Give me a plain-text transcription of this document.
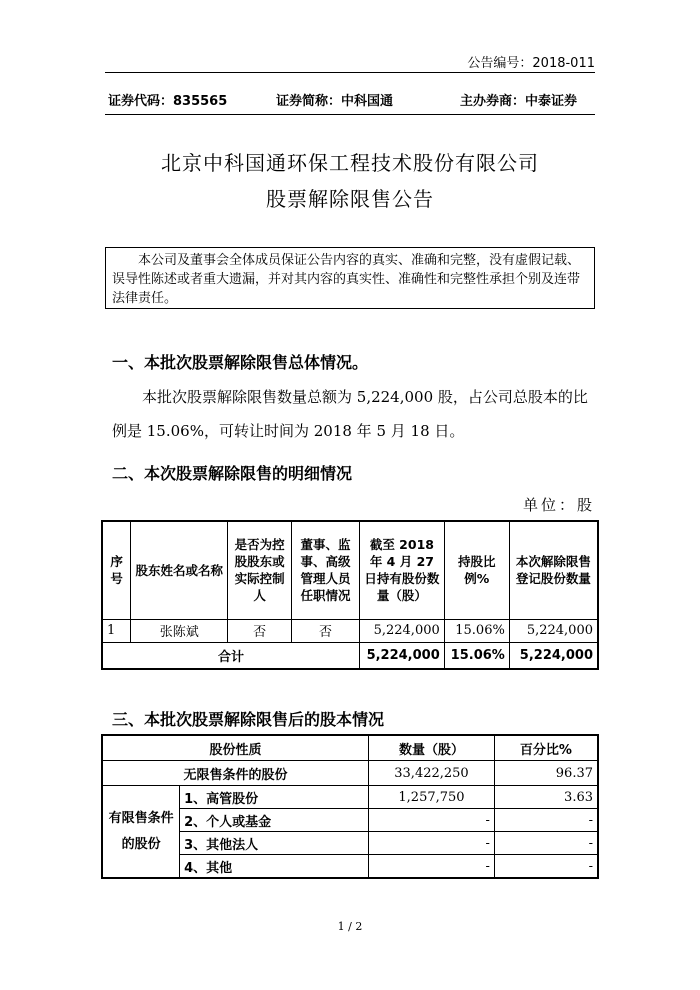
公告编号：2018-011
证券代码：835565	证券简称：中科国通	主办券商：中泰证券
北京中科国通环保工程技术股份有限公司
股票解除限售公告

本公司及董事会全体成员保证公告内容的真实、准确和完整，没有虚假记载、误导性陈述或者重大遗漏，并对其内容的真实性、准确性和完整性承担个别及连带法律责任。

一、本批次股票解除限售总体情况。

本批次股票解除限售数量总额为 5,224,000 股，占公司总股本的比例是 15.06%，可转让时间为 2018 年 5 月 18 日。

二、本次股票解除限售的明细情况
单位：股
序号	股东姓名或名称	是否为控股股东或实际控制人	董事、监事、高级管理人员任职情况	截至 2018 年 4 月 27 日持有股份数量（股）	持股比例%	本次解除限售登记股份数量
1	张陈斌	否	否	5,224,000	15.06%	5,224,000
合计				5,224,000	15.06%	5,224,000
三、本批次股票解除限售后的股本情况
股份性质		数量（股）	百分比%
无限售条件的股份		33,422,250	96.37
有限售条件的股份	1、高管股份	1,257,750	3.63
	2、个人或基金	-	-
	3、其他法人	-	-
	4、其他	-	-
1 / 2
